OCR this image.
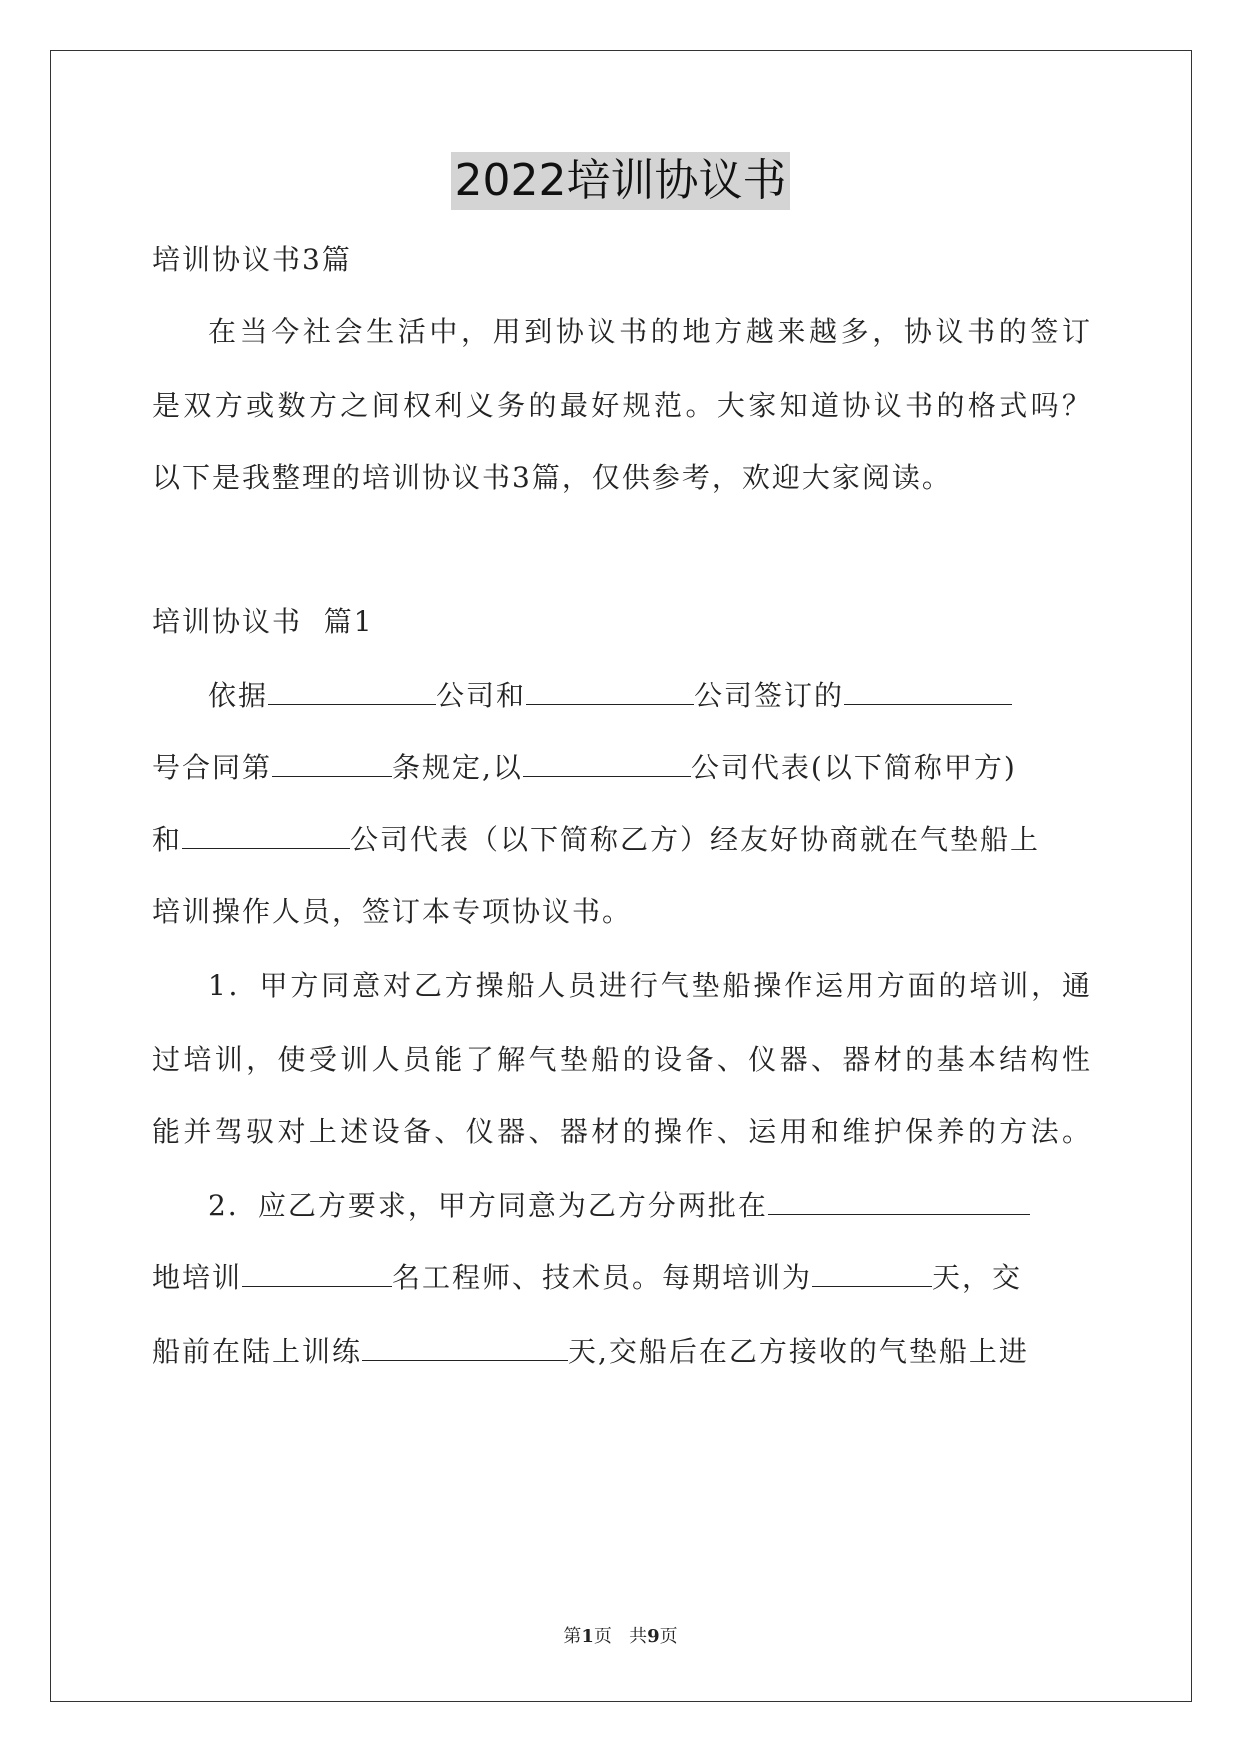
2022培训协议书
培训协议书3篇
在当今社会生活中，用到协议书的地方越来越多，协议书的签订
是双方或数方之间权利义务的最好规范。大家知道协议书的格式吗？
以下是我整理的培训协议书3篇，仅供参考，欢迎大家阅读。
培训协议书  篇1
依据	公司和	公司签订的
号合同第	条规定,以	公司代表(以下简称甲方)
和	公司代表（以下简称乙方）经友好协商就在气垫船上
培训操作人员，签订本专项协议书。
1．甲方同意对乙方操船人员进行气垫船操作运用方面的培训，通
过培训，使受训人员能了解气垫船的设备、仪器、器材的基本结构性
能并驾驭对上述设备、仪器、器材的操作、运用和维护保养的方法。
2．应乙方要求，甲方同意为乙方分两批在
地培训	名工程师、技术员。每期培训为	天，交
船前在陆上训练	天,交船后在乙方接收的气垫船上进
第1页   共9页
